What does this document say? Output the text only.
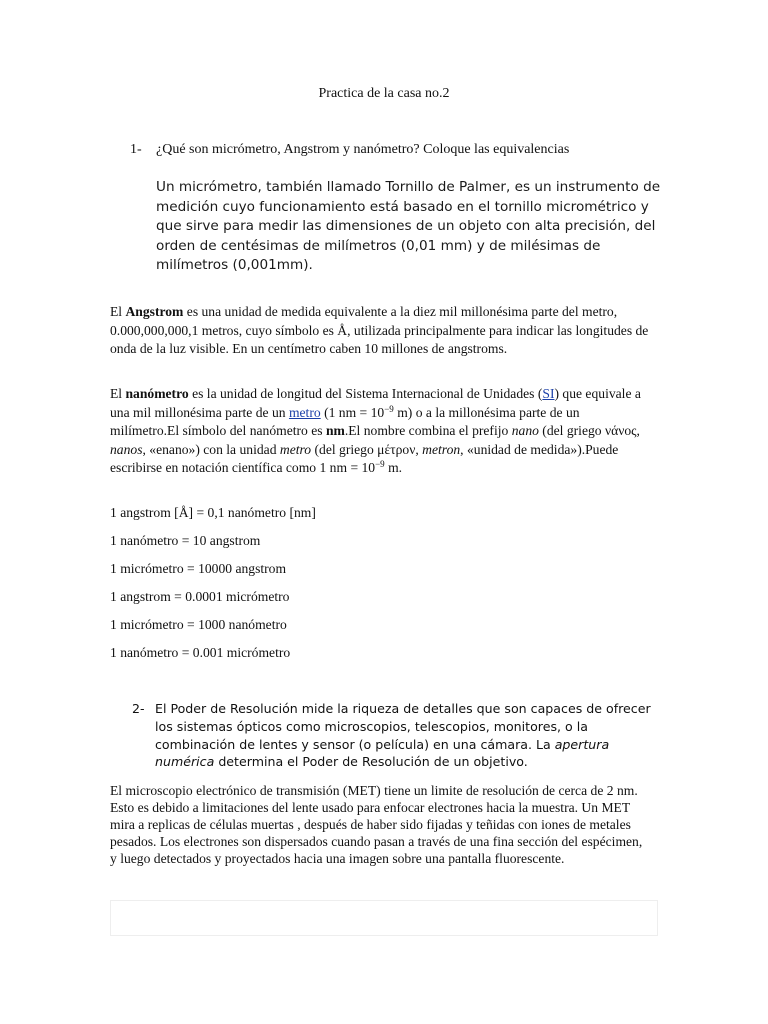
Practica de la casa no.2
1- ¿Qué son micrómetro, Angstrom y nanómetro? Coloque las equivalencias
Un micrómetro, también llamado Tornillo de Palmer, es un instrumento de medición cuyo funcionamiento está basado en el tornillo micrométrico y que sirve para medir las dimensiones de un objeto con alta precisión, del orden de centésimas de milímetros (0,01 mm) y de milésimas de milímetros (0,001mm).
El Angstrom es una unidad de medida equivalente a la diez mil millonésima parte del metro, 0.000,000,000,1 metros, cuyo símbolo es Å, utilizada principalmente para indicar las longitudes de onda de la luz visible. En un centímetro caben 10 millones de angstroms.
El nanómetro es la unidad de longitud del Sistema Internacional de Unidades (SI) que equivale a una mil millonésima parte de un metro (1 nm = $10^{-9}$ m) o a la millonésima parte de un milímetro.El símbolo del nanómetro es nm.El nombre combina el prefijo nano (del griego νάνος, nanos, «enano») con la unidad metro (del griego μέτρον, metron, «unidad de medida»).Puede escribirse en notación científica como 1 nm = $10^{-9}$ m.
1 angstrom [Å] = 0,1 nanómetro [nm]
1 nanómetro = 10 angstrom
1 micrómetro = 10000 angstrom
1 angstrom = 0.0001 micrómetro
1 micrómetro = 1000 nanómetro
1 nanómetro = 0.001 micrómetro
2- El Poder de Resolución mide la riqueza de detalles que son capaces de ofrecer los sistemas ópticos como microscopios, telescopios, monitores, o la combinación de lentes y sensor (o película) en una cámara. La apertura numérica determina el Poder de Resolución de un objetivo.
El microscopio electrónico de transmisión (MET) tiene un limite de resolución de cerca de 2 nm. Esto es debido a limitaciones del lente usado para enfocar electrones hacia la muestra. Un MET mira a replicas de células muertas , después de haber sido fijadas y teñidas con iones de metales pesados. Los electrones son dispersados cuando pasan a través de una fina sección del espécimen, y luego detectados y proyectados hacia una imagen sobre una pantalla fluorescente.
